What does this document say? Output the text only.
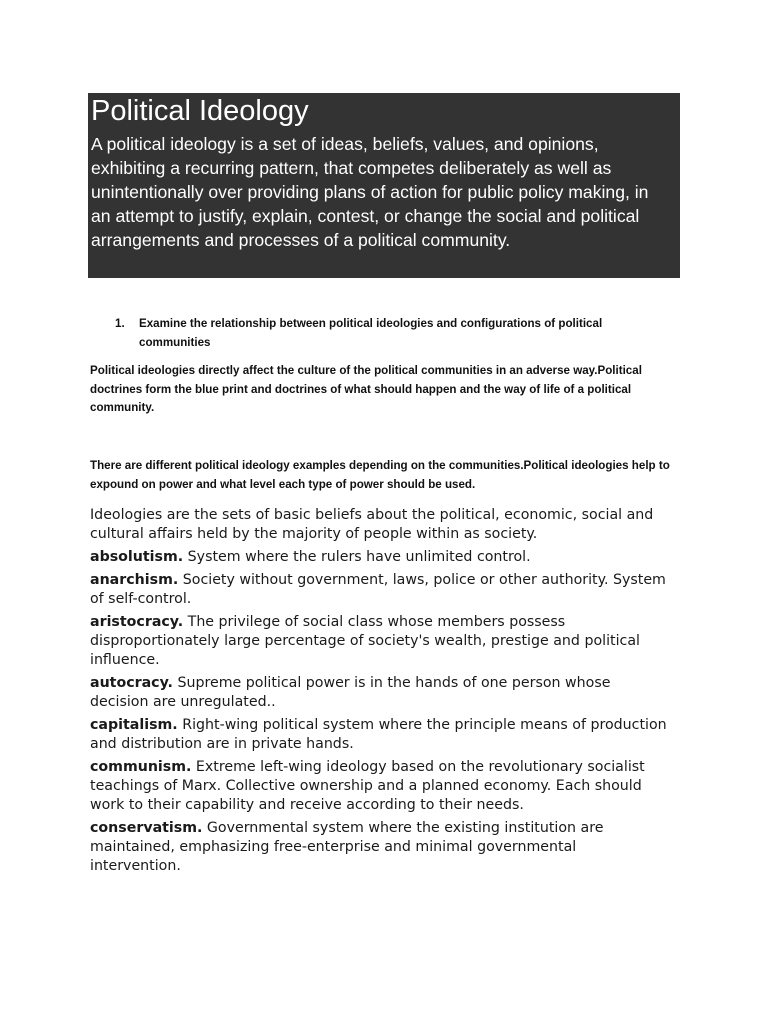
Political Ideology

A political ideology is a set of ideas, beliefs, values, and opinions, exhibiting a recurring pattern, that competes deliberately as well as unintentionally over providing plans of action for public policy making, in an attempt to justify, explain, contest, or change the social and political arrangements and processes of a political community.

1.	Examine the relationship between political ideologies and configurations of political communities

Political ideologies directly affect the culture of the political communities in an adverse way.Political doctrines form the blue print and doctrines of what should happen and the way of life of a political community.

There are different political ideology examples depending on the communities.Political ideologies help to expound on power and what level each type of power should be used.

Ideologies are the sets of basic beliefs about the political, economic, social and cultural affairs held by the majority of people within as society.

absolutism. System where the rulers have unlimited control.

anarchism. Society without government, laws, police or other authority. System of self-control.

aristocracy. The privilege of social class whose members possess disproportionately large percentage of society's wealth, prestige and political influence.

autocracy. Supreme political power is in the hands of one person whose decision are unregulated..

capitalism. Right-wing political system where the principle means of production and distribution are in private hands.

communism. Extreme left-wing ideology based on the revolutionary socialist teachings of Marx. Collective ownership and a planned economy. Each should work to their capability and receive according to their needs.

conservatism. Governmental system where the existing institution are maintained, emphasizing free-enterprise and minimal governmental intervention.
